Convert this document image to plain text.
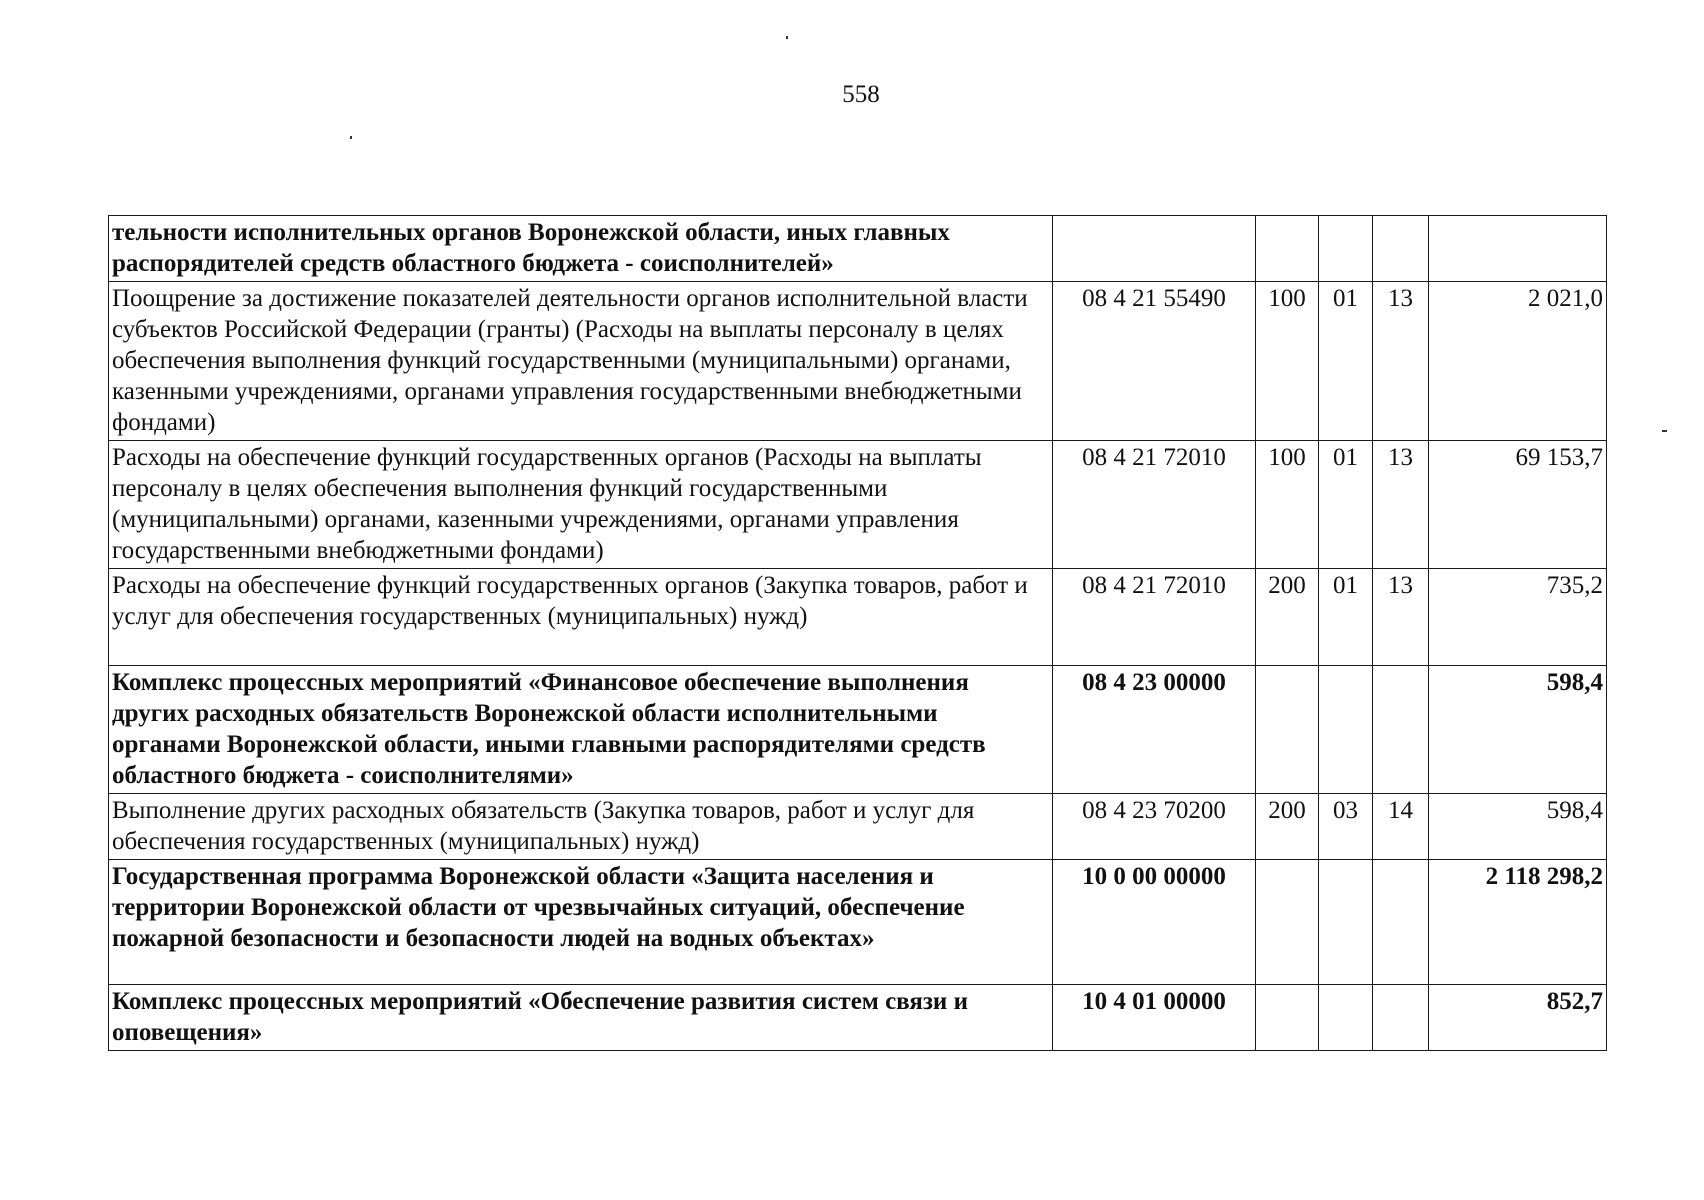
558
тельности исполнительных органов Воронежской области, иных главных распорядителей средств областного бюджета - соисполнителей»					
Поощрение за достижение показателей деятельности органов исполнительной власти субъектов Российской Федерации (гранты) (Расходы на выплаты персоналу в целях обеспечения выполнения функций государственными (муниципальными) органами, казенными учреждениями, органами управления государственными внебюджетными фондами)	08 4 21 55490	100	01	13	2 021,0
Расходы на обеспечение функций государственных органов (Расходы на выплаты персоналу в целях обеспечения выполнения функций государственными (муниципальными) органами, казенными учреждениями, органами управления государственными внебюджетными фондами)	08 4 21 72010	100	01	13	69 153,7
Расходы на обеспечение функций государственных органов (Закупка товаров, работ и услуг для обеспечения государственных (муниципальных) нужд)	08 4 21 72010	200	01	13	735,2
Комплекс процессных мероприятий «Финансовое обеспечение выполнения других расходных обязательств Воронежской области исполнительными органами Воронежской области, иными главными распорядителями средств областного бюджета - соисполнителями»	08 4 23 00000				598,4
Выполнение других расходных обязательств (Закупка товаров, работ и услуг для обеспечения государственных (муниципальных) нужд)	08 4 23 70200	200	03	14	598,4
Государственная программа Воронежской области «Защита населения и территории Воронежской области от чрезвычайных ситуаций, обеспечение пожарной безопасности и безопасности людей на водных объектах»	10 0 00 00000				2 118 298,2
Комплекс процессных мероприятий «Обеспечение развития систем связи и оповещения»	10 4 01 00000				852,7
